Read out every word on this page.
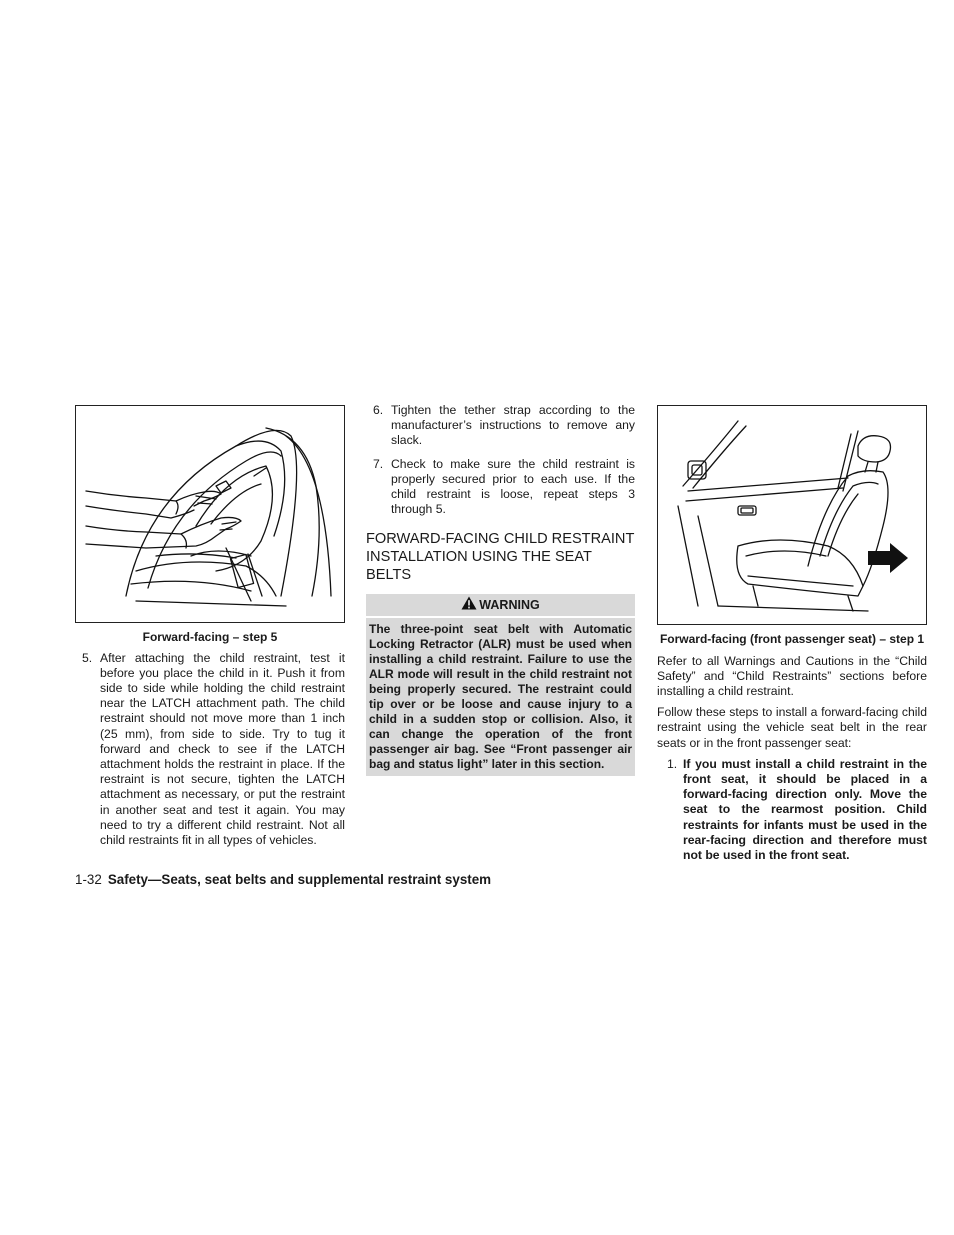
Forward-facing – step 5
5. After attaching the child restraint, test it before you place the child in it. Push it from side to side while holding the child restraint near the LATCH attachment path. The child restraint should not move more than 1 inch (25 mm), from side to side. Try to tug it forward and check to see if the LATCH attachment holds the restraint in place. If the restraint is not secure, tighten the LATCH attachment as necessary, or put the restraint in another seat and test it again. You may need to try a different child restraint. Not all child restraints fit in all types of vehicles.
6. Tighten the tether strap according to the manufacturer’s instructions to remove any slack.
7. Check to make sure the child restraint is properly secured prior to each use. If the child restraint is loose, repeat steps 3 through 5.
FORWARD-FACING CHILD RESTRAINT INSTALLATION USING THE SEAT BELTS
WARNING
The three-point seat belt with Automatic Locking Retractor (ALR) must be used when installing a child restraint. Failure to use the ALR mode will result in the child restraint not being properly secured. The restraint could tip over or be loose and cause injury to a child in a sudden stop or collision. Also, it can change the operation of the front passenger air bag. See “Front passenger air bag and status light” later in this section.
Forward-facing (front passenger seat) – step 1

Refer to all Warnings and Cautions in the “Child Safety” and “Child Restraints” sections before installing a child restraint.

Follow these steps to install a forward-facing child restraint using the vehicle seat belt in the rear seats or in the front passenger seat:

1. If you must install a child restraint in the front seat, it should be placed in a forward-facing direction only. Move the seat to the rearmost position. Child restraints for infants must be used in the rear-facing direction and therefore must not be used in the front seat.
1-32 Safety—Seats, seat belts and supplemental restraint system
